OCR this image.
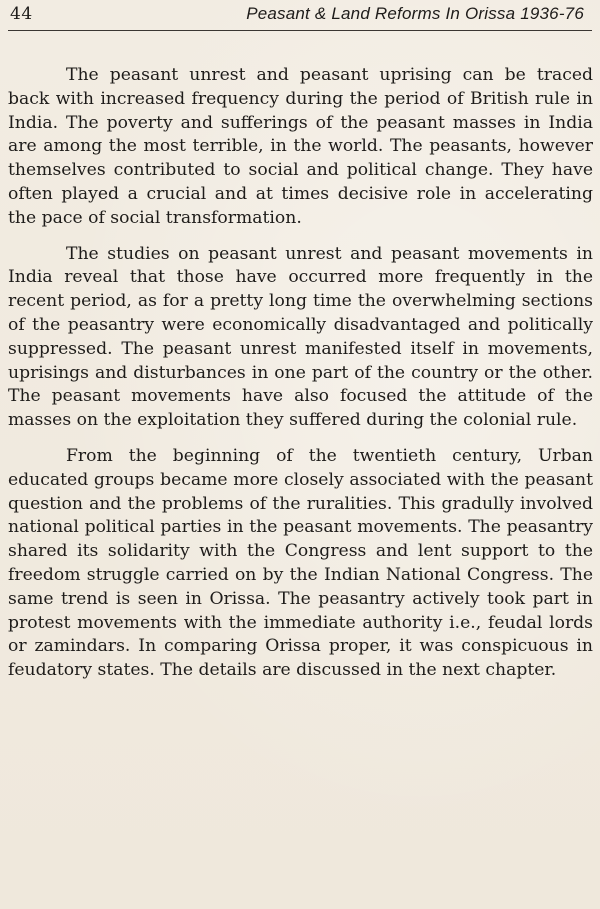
44	Peasant & Land Reforms In Orissa 1936-76

The peasant unrest and peasant uprising can be traced back with increased frequency during the period of British rule in India. The poverty and sufferings of the peasant masses in India are among the most terrible, in the world. The peasants, however themselves contributed to social and political change. They have often played a crucial and at times decisive role in accelerating the pace of social transformation.

The studies on peasant unrest and peasant movements in India reveal that those have occurred more frequently in the recent period, as for a pretty long time the overwhelming sections of the peasantry were economically disadvantaged and politically suppressed. The peasant unrest manifested itself in movements, uprisings and disturbances in one part of the country or the other. The peasant movements have also focused the attitude of the masses on the exploitation they suffered during the colonial rule.

From the beginning of the twentieth century, Urban educated groups became more closely associated with the peasant question and the problems of the ruralities. This gradully involved national political parties in the peasant movements. The peasantry shared its solidarity with the Congress and lent support to the freedom struggle carried on by the Indian National Congress. The same trend is seen in Orissa. The peasantry actively took part in protest movements with the immediate authority i.e., feudal lords or zamindars. In comparing Orissa proper, it was conspicuous in feudatory states. The details are discussed in the next chapter.
